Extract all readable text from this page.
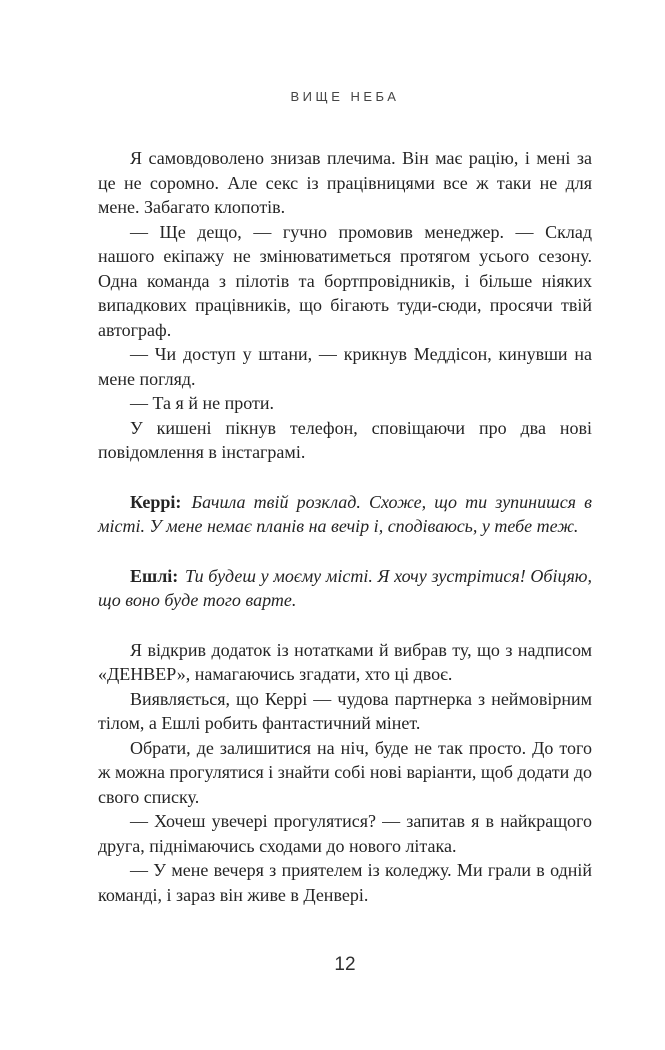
ВИЩЕ НЕБА

Я самовдоволено знизав плечима. Він має рацію, і мені за це не соромно. Але секс із працівницями все ж таки не для мене. Забагато клопотів.

— Ще дещо, — гучно промовив менеджер. — Склад нашого екіпажу не змінюватиметься протягом усього сезону. Одна команда з пілотів та бортпровідників, і більше ніяких випадкових працівників, що бігають туди-сюди, просячи твій автограф.

— Чи доступ у штани, — крикнув Меддісон, кинувши на мене погляд.

— Та я й не проти.

У кишені пікнув телефон, сповіщаючи про два нові повідомлення в інстаграмі.

Керрі: Бачила твій розклад. Схоже, що ти зупинишся в місті. У мене немає планів на вечір і, сподіваюсь, у тебе теж.

Ешлі: Ти будеш у моєму місті. Я хочу зустрітися! Обіцяю, що воно буде того варте.

Я відкрив додаток із нотатками й вибрав ту, що з надписом «ДЕНВЕР», намагаючись згадати, хто ці двоє.

Виявляється, що Керрі — чудова партнерка з неймовірним тілом, а Ешлі робить фантастичний мінет.

Обрати, де залишитися на ніч, буде не так просто. До того ж можна прогулятися і знайти собі нові варіанти, щоб додати до свого списку.

— Хочеш увечері прогулятися? — запитав я в найкращого друга, піднімаючись сходами до нового літака.

— У мене вечеря з приятелем із коледжу. Ми грали в одній команді, і зараз він живе в Денвері.

12
